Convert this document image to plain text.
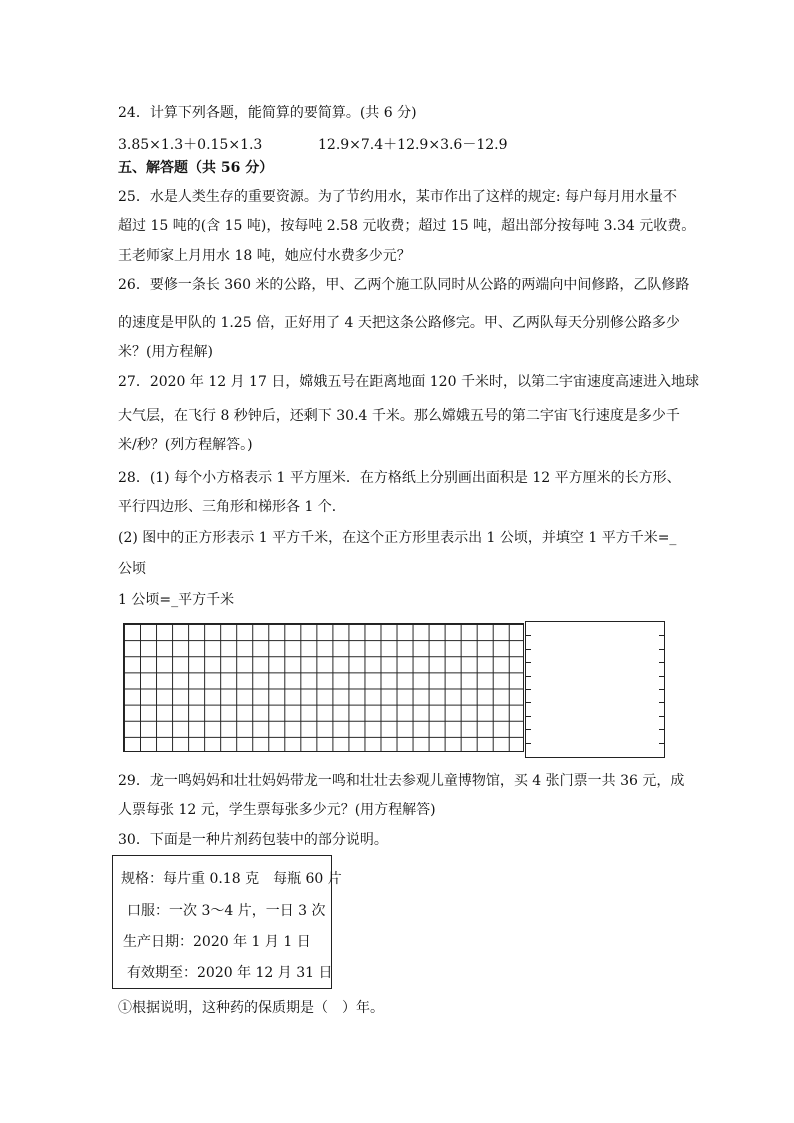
24．计算下列各题，能简算的要简算。(共 6 分)
3.85×1.3＋0.15×1.3	12.9×7.4＋12.9×3.6－12.9
五、解答题（共 56 分）
25．水是人类生存的重要资源。为了节约用水，某市作出了这样的规定: 每户每月用水量不
超过 15 吨的(含 15 吨)，按每吨 2.58 元收费；超过 15 吨，超出部分按每吨 3.34 元收费。
王老师家上月用水 18 吨，她应付水费多少元？
26．要修一条长 360 米的公路，甲、乙两个施工队同时从公路的两端向中间修路，乙队修路
的速度是甲队的 1.25 倍，正好用了 4 天把这条公路修完。甲、乙两队每天分别修公路多少
米？(用方程解)
27．2020 年 12 月 17 日，嫦娥五号在距离地面 120 千米时，以第二宇宙速度高速进入地球
大气层，在飞行 8 秒钟后，还剩下 30.4 千米。那么嫦娥五号的第二宇宙飞行速度是多少千
米/秒？(列方程解答。)
28．(1) 每个小方格表示 1 平方厘米．在方格纸上分别画出面积是 12 平方厘米的长方形、
平行四边形、三角形和梯形各 1 个．
(2) 图中的正方形表示 1 平方千米，在这个正方形里表示出 1 公顷，并填空 1 平方千米=_
公顷
1 公顷=_平方千米
29．龙一鸣妈妈和壮壮妈妈带龙一鸣和壮壮去参观儿童博物馆，买 4 张门票一共 36 元，成
人票每张 12 元，学生票每张多少元？(用方程解答)
30．下面是一种片剂药包装中的部分说明。
规格：每片重 0.18 克　每瓶 60 片
口服：一次 3～4 片，一日 3 次
生产日期：2020 年 1 月 1 日
有效期至：2020 年 12 月 31 日
①根据说明，这种药的保质期是（　）年。
